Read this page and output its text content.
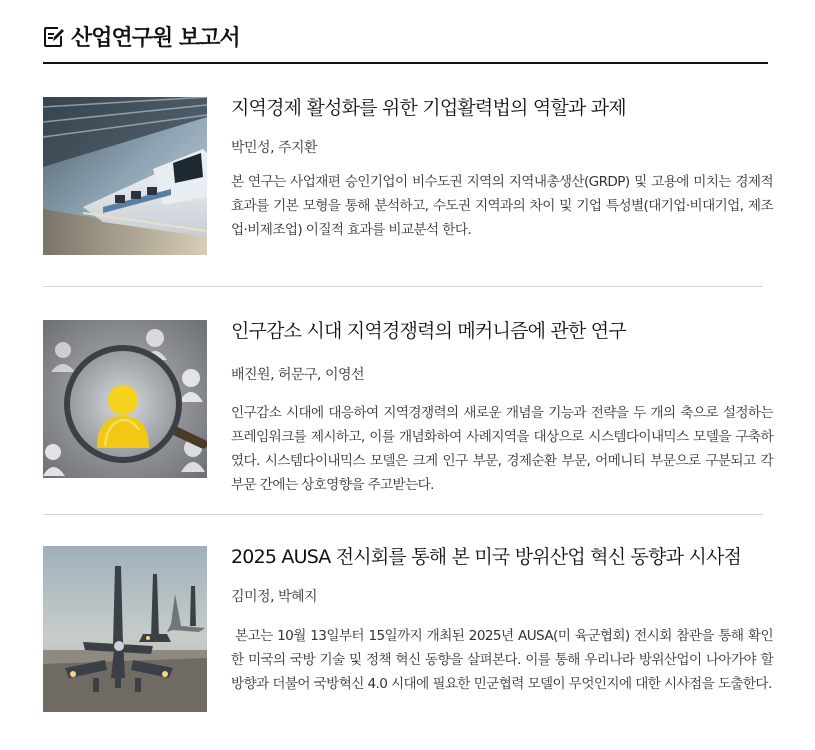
산업연구원 보고서
지역경제 활성화를 위한 기업활력법의 역할과 과제
박민성, 주지환

본 연구는 사업재편 승인기업이 비수도권 지역의 지역내총생산(GRDP) 및 고용에 미치는 경제적 효과를 기본 모형을 통해 분석하고, 수도권 지역과의 차이 및 기업 특성별(대기업·비대기업, 제조업·비제조업) 이질적 효과를 비교분석 한다.

인구감소 시대 지역경쟁력의 메커니즘에 관한 연구
배진원, 허문구, 이영선

인구감소 시대에 대응하여 지역경쟁력의 새로운 개념을 기능과 전략을 두 개의 축으로 설정하는 프레임워크를 제시하고, 이를 개념화하여 사례지역을 대상으로 시스템다이내믹스 모델을 구축하였다. 시스템다이내믹스 모델은 크게 인구 부문, 경제순환 부문, 어메니티 부문으로 구분되고 각 부문 간에는 상호영향을 주고받는다.

2025 AUSA 전시회를 통해 본 미국 방위산업 혁신 동향과 시사점
김미정, 박혜지

본고는 10월 13일부터 15일까지 개최된 2025년 AUSA(미 육군협회) 전시회 참관을 통해 확인한 미국의 국방 기술 및 정책 혁신 동향을 살펴본다. 이를 통해 우리나라 방위산업이 나아가야 할 방향과 더불어 국방혁신 4.0 시대에 필요한 민군협력 모델이 무엇인지에 대한 시사점을 도출한다.
